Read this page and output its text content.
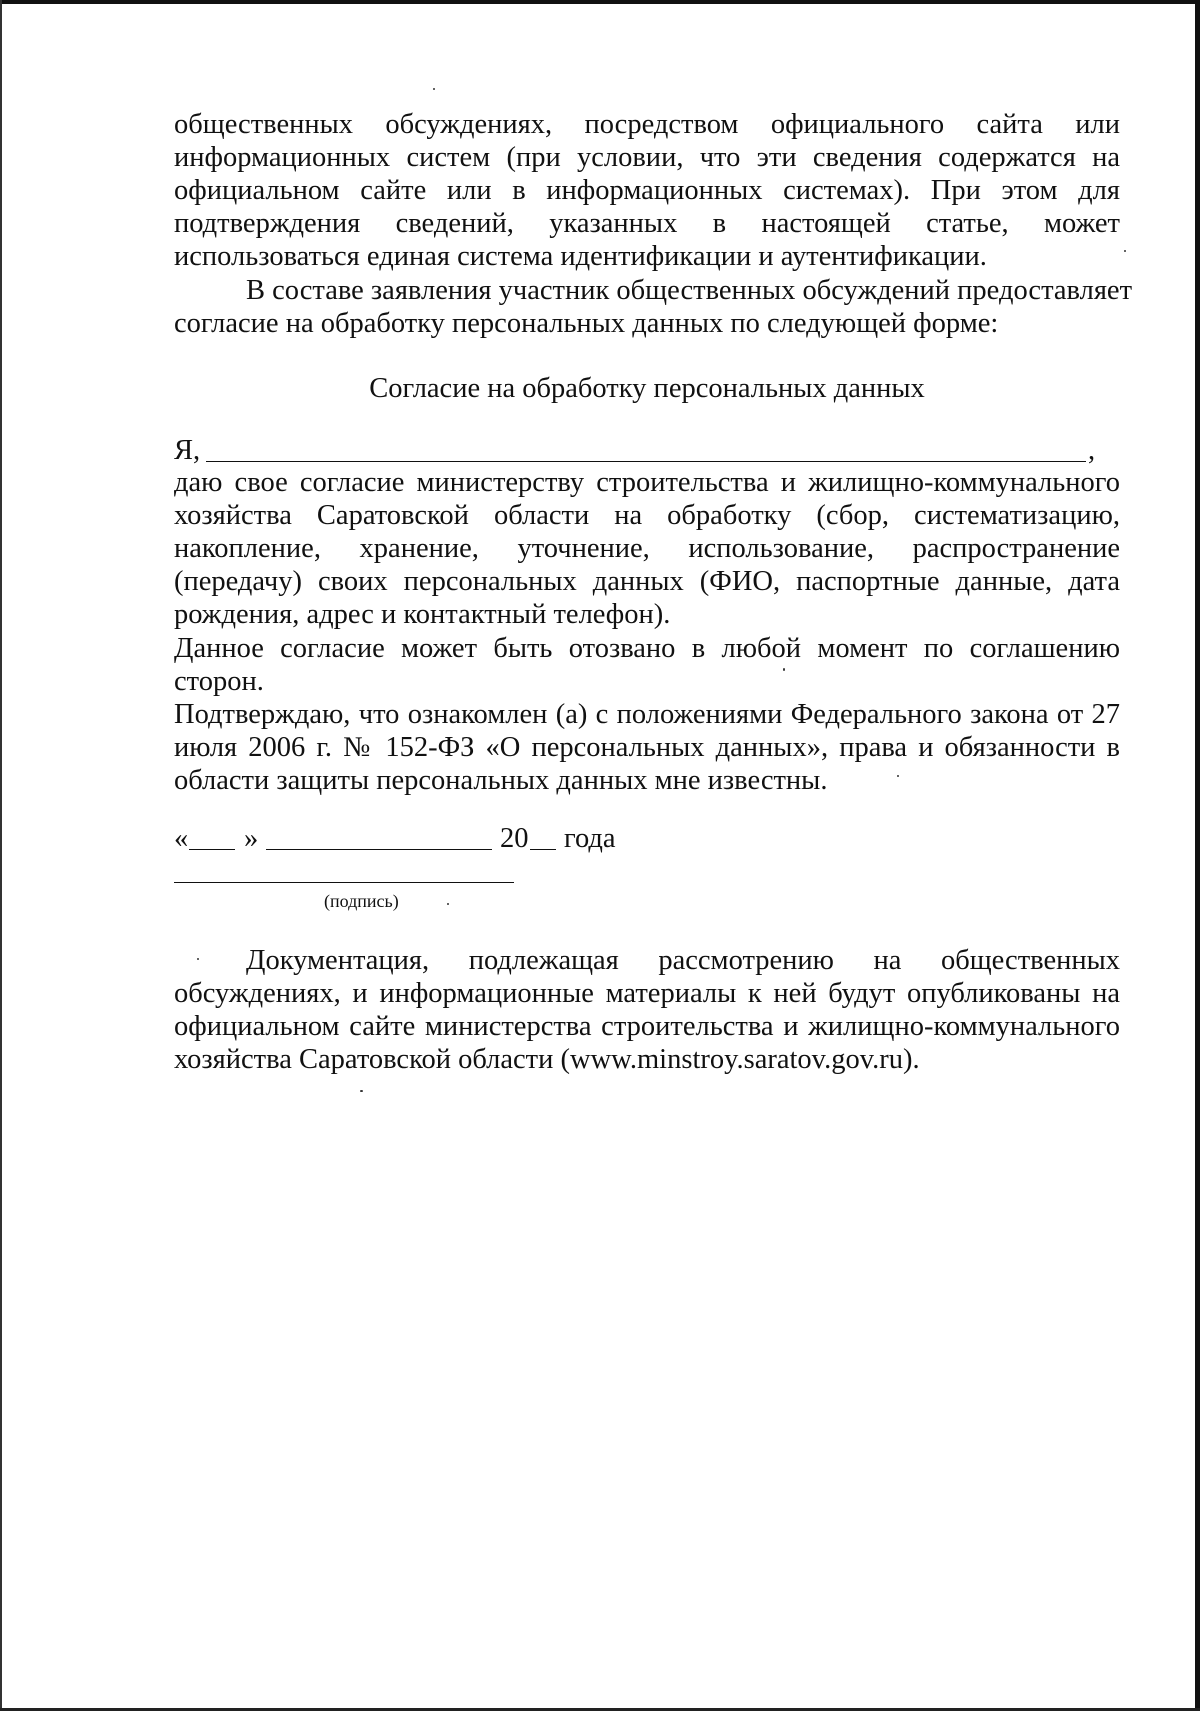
общественных обсуждениях, посредством официального сайта или
информационных систем (при условии, что эти сведения содержатся на
официальном сайте или в информационных системах). При этом для
подтверждения сведений, указанных в настоящей статье, может
использоваться единая система идентификации и аутентификации.
В составе заявления участник общественных обсуждений предоставляет
согласие на обработку персональных данных по следующей форме:
Согласие на обработку персональных данных
Я,	,
даю свое согласие министерству строительства и жилищно-коммунального
хозяйства Саратовской области на обработку (сбор, систематизацию,
накопление, хранение, уточнение, использование, распространение
(передачу) своих персональных данных (ФИО, паспортные данные, дата
рождения, адрес и контактный телефон).
Данное согласие может быть отозвано в любой момент по соглашению
сторон.
Подтверждаю, что ознакомлен (а) с положениями Федерального закона от 27
июля 2006 г. № 152-ФЗ «О персональных данных», права и обязанности в
области защиты персональных данных мне известны.
« »	20 года
(подпись)
Документация, подлежащая рассмотрению на общественных
обсуждениях, и информационные материалы к ней будут опубликованы на
официальном сайте министерства строительства и жилищно-коммунального
хозяйства Саратовской области (www.minstroy.saratov.gov.ru).
